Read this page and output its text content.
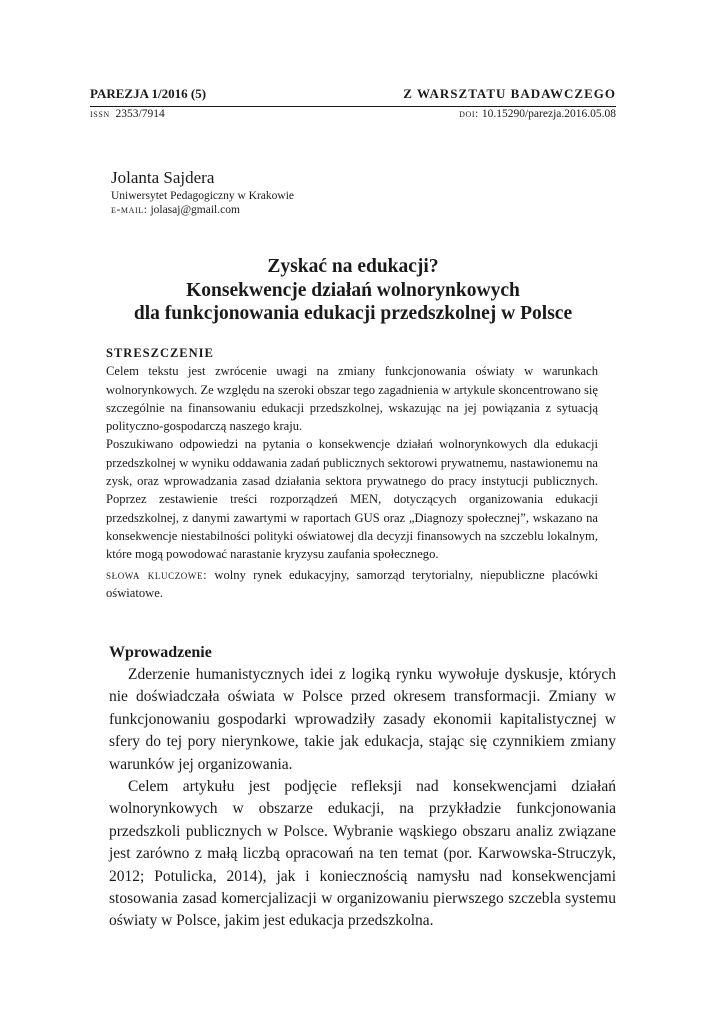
PAREZJA 1/2016 (5)	Z WARSZTATU BADAWCZEGO
issn 2353/7914	doi: 10.15290/parezja.2016.05.08
Jolanta Sajdera
Uniwersytet Pedagogiczny w Krakowie
e-mail: jolasaj@gmail.com
Zyskać na edukacji?
Konsekwencje działań wolnorynkowych
dla funkcjonowania edukacji przedszkolnej w Polsce
STRESZCZENIE

Celem tekstu jest zwrócenie uwagi na zmiany funkcjonowania oświaty w warunkach wolnorynkowych. Ze względu na szeroki obszar tego zagadnienia w artykule skoncentrowano się szczególnie na finansowaniu edukacji przedszkolnej, wskazując na jej powiązania z sytuacją polityczno-gospodarczą naszego kraju.

Poszukiwano odpowiedzi na pytania o konsekwencje działań wolnorynkowych dla edukacji przedszkolnej w wyniku oddawania zadań publicznych sektorowi prywatnemu, nastawionemu na zysk, oraz wprowadzania zasad działania sektora prywatnego do pracy instytucji publicznych. Poprzez zestawienie treści rozporządzeń MEN, dotyczących organizowania edukacji przedszkolnej, z danymi zawartymi w raportach GUS oraz „Diagnozy społecznej”, wskazano na konsekwencje niestabilności polityki oświatowej dla decyzji finansowych na szczeblu lokalnym, które mogą powodować narastanie kryzysu zaufania społecznego.

słowa kluczowe: wolny rynek edukacyjny, samorząd terytorialny, niepubliczne placówki oświatowe.

Wprowadzenie

Zderzenie humanistycznych idei z logiką rynku wywołuje dyskusje, których nie doświadczała oświata w Polsce przed okresem transformacji. Zmiany w funkcjonowaniu gospodarki wprowadziły zasady ekonomii kapitalistycznej w sfery do tej pory nierynkowe, takie jak edukacja, stając się czynnikiem zmiany warunków jej organizowania.

Celem artykułu jest podjęcie refleksji nad konsekwencjami działań wolnorynkowych w obszarze edukacji, na przykładzie funkcjonowania przedszkoli publicznych w Polsce. Wybranie wąskiego obszaru analiz związane jest zarówno z małą liczbą opracowań na ten temat (por. Karwowska-Struczyk, 2012; Potulicka, 2014), jak i koniecznością namysłu nad konsekwencjami stosowania zasad komercjalizacji w organizowaniu pierwszego szczebla systemu oświaty w Polsce, jakim jest edukacja przedszkolna.
